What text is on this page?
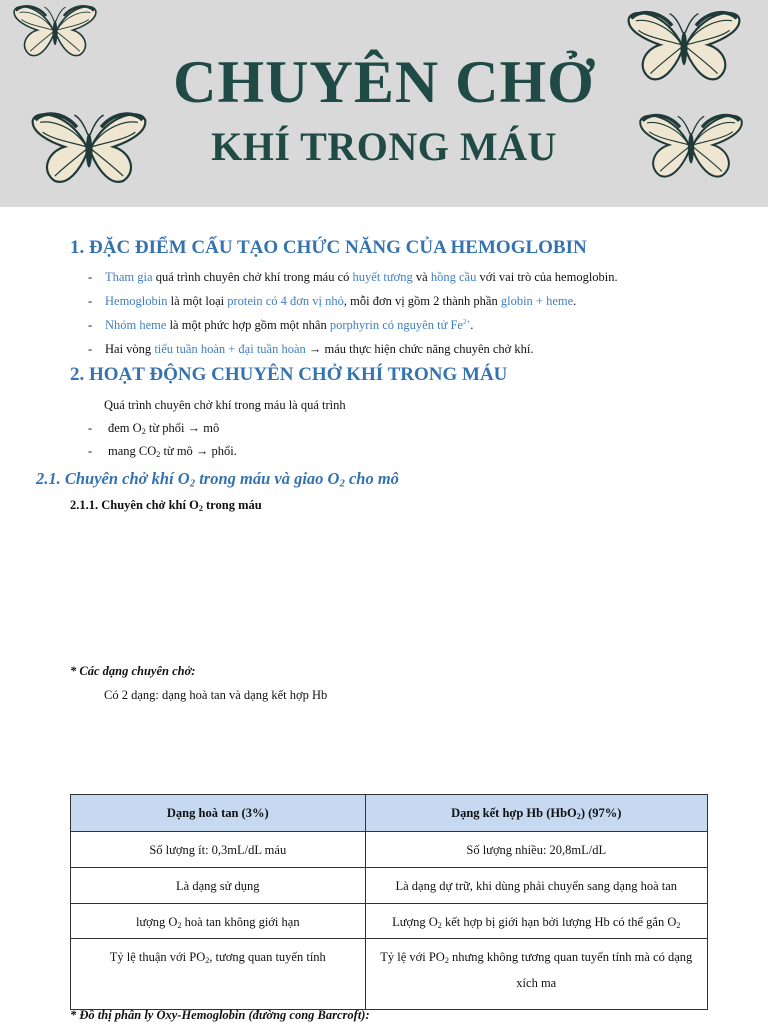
CHUYÊN CHỞ
KHÍ TRONG MÁU
1. ĐẶC ĐIỂM CẤU TẠO CHỨC NĂNG CỦA HEMOGLOBIN
- Tham gia quá trình chuyên chở khí trong máu có huyết tương và hồng cầu với vai trò của hemoglobin.
- Hemoglobin là một loại protein có 4 đơn vị nhỏ, mỗi đơn vị gồm 2 thành phần globin + heme.
- Nhóm heme là một phức hợp gồm một nhân porphyrin có nguyên tử $Fe^{2+}$.
- Hai vòng tiểu tuần hoàn + đại tuần hoàn → máu thực hiện chức năng chuyên chở khí.
2. HOẠT ĐỘNG CHUYÊN CHỞ KHÍ TRONG MÁU
Quá trình chuyên chở khí trong máu là quá trình
- đem $O_2$ từ phổi → mô
- mang $CO_2$ từ mô → phổi.
2.1. Chuyên chở khí $O_2$ trong máu và giao $O_2$ cho mô
2.1.1. Chuyên chở khí $O_2$ trong máu
* Các dạng chuyên chở:
Có 2 dạng: dạng hoà tan và dạng kết hợp Hb
Dạng hoà tan (3%)	Dạng kết hợp Hb (HbO$_2$) (97%)
Số lượng ít: 0,3mL/dL máu	Số lượng nhiều: 20,8mL/dL
Là dạng sử dụng	Là dạng dự trữ, khi dùng phải chuyển sang dạng hoà tan
lượng $O_2$ hoà tan không giới hạn	Lượng $O_2$ kết hợp bị giới hạn bởi lượng Hb có thể gắn $O_2$
Tỷ lệ thuận với $PO_2$, tương quan tuyến tính	Tỷ lệ với $PO_2$ nhưng không tương quan tuyến tính mà có dạng xích ma
* Đồ thị phân ly Oxy-Hemoglobin (đường cong Barcroft):
